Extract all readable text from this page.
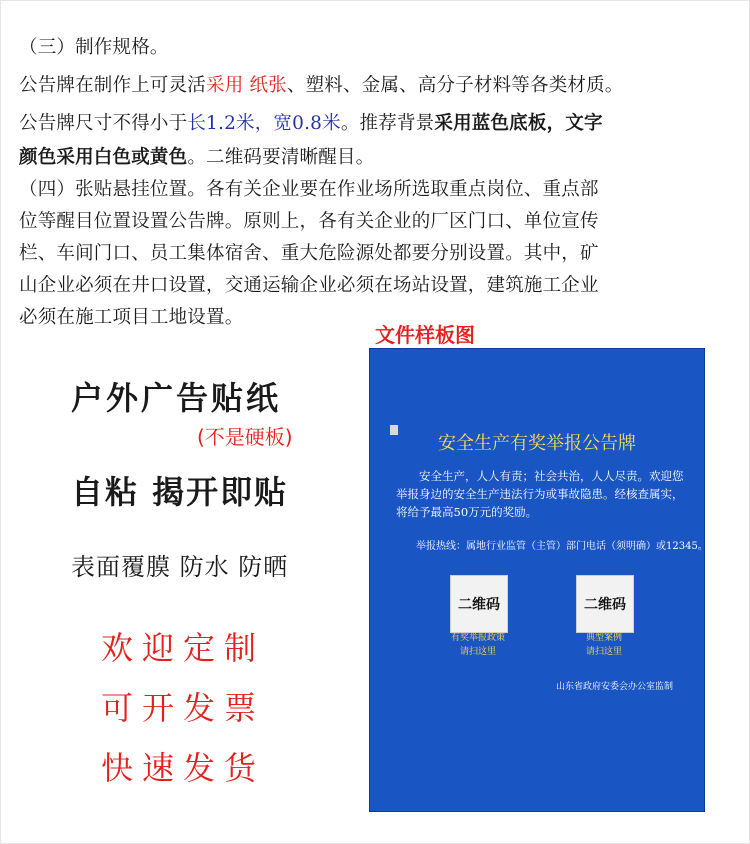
（三）制作规格。
公告牌在制作上可灵活采用 纸张、塑料、金属、高分子材料等各类材质。
公告牌尺寸不得小于长1.2米，宽0.8米。推荐背景采用蓝色底板，文字
颜色采用白色或黄色。二维码要清晰醒目。
（四）张贴悬挂位置。各有关企业要在作业场所选取重点岗位、重点部
位等醒目位置设置公告牌。原则上，各有关企业的厂区门口、单位宣传
栏、车间门口、员工集体宿舍、重大危险源处都要分别设置。其中，矿
山企业必须在井口设置，交通运输企业必须在场站设置，建筑施工企业
必须在施工项目工地设置。
户外广告贴纸
(不是硬板)
自粘 揭开即贴
表面覆膜 防水 防晒
欢迎定制
可开发票
快速发货
文件样板图
安全生产有奖举报公告牌
安全生产，人人有责；社会共治，人人尽责。欢迎您举报身边的安全生产违法行为或事故隐患。经核查属实，将给予最高50万元的奖励。
举报热线：属地行业监管（主管）部门电话（须明确）或12345。
二维码
有奖举报政策
请扫这里
二维码
典型案例
请扫这里
山东省政府安委会办公室监制
